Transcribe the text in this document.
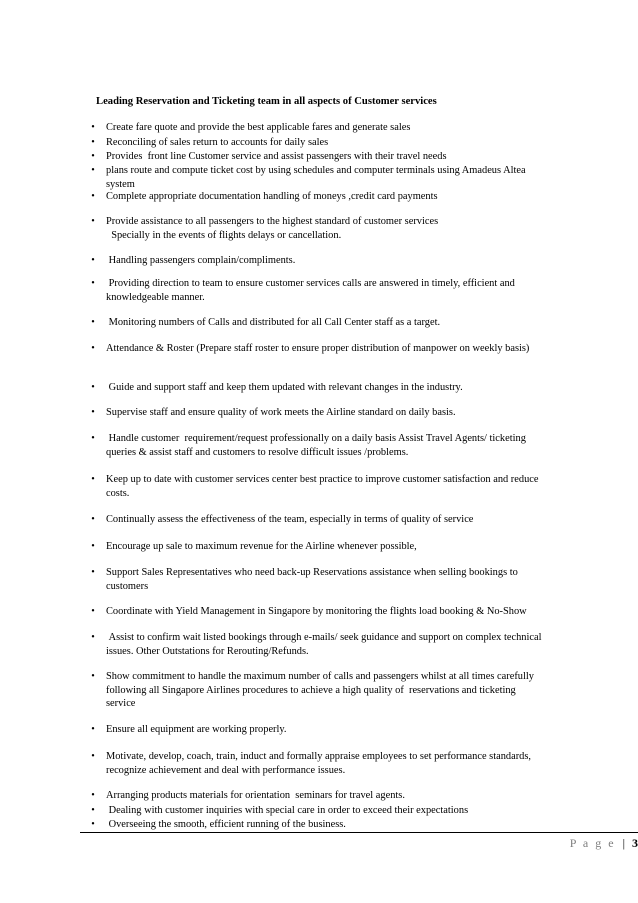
Leading Reservation and Ticketing team in all aspects of Customer services
•	Create fare quote and provide the best applicable fares and generate sales
•	Reconciling of sales return to accounts for daily sales
•	Provides  front line Customer service and assist passengers with their travel needs
•	plans route and compute ticket cost by using schedules and computer terminals using Amadeus Altea system
•	Complete appropriate documentation handling of moneys ,credit card payments
•	Provide assistance to all passengers to the highest standard of customer services
Specially in the events of flights delays or cancellation.
•	Handling passengers complain/compliments.
•	Providing direction to team to ensure customer services calls are answered in timely, efficient and knowledgeable manner.
•	Monitoring numbers of Calls and distributed for all Call Center staff as a target.
•	Attendance & Roster (Prepare staff roster to ensure proper distribution of manpower on weekly basis)
•	Guide and support staff and keep them updated with relevant changes in the industry.
•	Supervise staff and ensure quality of work meets the Airline standard on daily basis.
•	Handle customer  requirement/request professionally on a daily basis Assist Travel Agents/ ticketing queries & assist staff and customers to resolve difficult issues /problems.
•	Keep up to date with customer services center best practice to improve customer satisfaction and reduce costs.
•	Continually assess the effectiveness of the team, especially in terms of quality of service
•	Encourage up sale to maximum revenue for the Airline whenever possible,
•	Support Sales Representatives who need back-up Reservations assistance when selling bookings to customers
•	Coordinate with Yield Management in Singapore by monitoring the flights load booking & No-Show
•	Assist to confirm wait listed bookings through e-mails/ seek guidance and support on complex technical issues. Other Outstations for Rerouting/Refunds.
•	Show commitment to handle the maximum number of calls and passengers whilst at all times carefully following all Singapore Airlines procedures to achieve a high quality of  reservations and ticketing service
•	Ensure all equipment are working properly.
•	Motivate, develop, coach, train, induct and formally appraise employees to set performance standards, recognize achievement and deal with performance issues.
•	Arranging products materials for orientation  seminars for travel agents.
•	Dealing with customer inquiries with special care in order to exceed their expectations
•	Overseeing the smooth, efficient running of the business.
P a g e | 3
